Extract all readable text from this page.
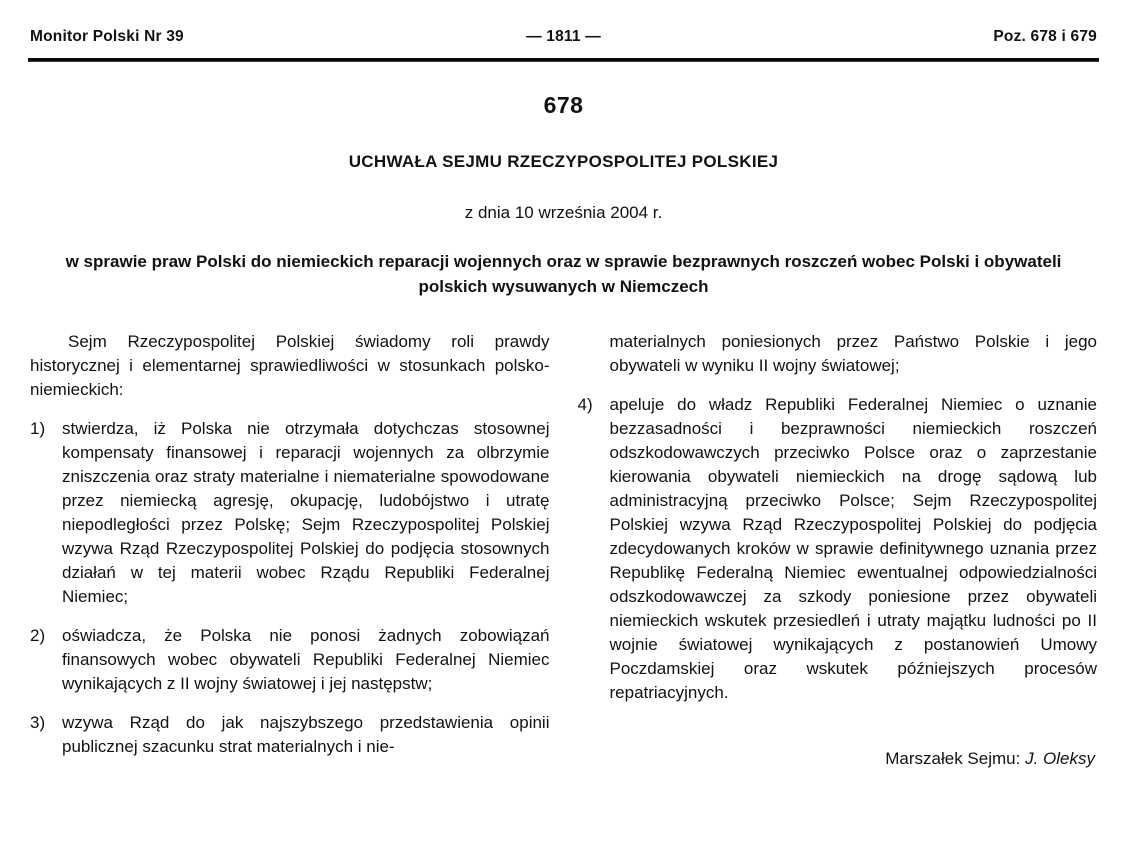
Monitor Polski Nr 39	— 1811 —	Poz. 678 i 679
678
UCHWAŁA SEJMU RZECZYPOSPOLITEJ POLSKIEJ
z dnia 10 września 2004 r.
w sprawie praw Polski do niemieckich reparacji wojennych oraz w sprawie bezprawnych roszczeń wobec Polski i obywateli polskich wysuwanych w Niemczech

Sejm Rzeczypospolitej Polskiej świadomy roli prawdy historycznej i elementarnej sprawiedliwości w stosunkach polsko-niemieckich:

1) stwierdza, iż Polska nie otrzymała dotychczas stosownej kompensaty finansowej i reparacji wojennych za olbrzymie zniszczenia oraz straty materialne i niematerialne spowodowane przez niemiecką agresję, okupację, ludobójstwo i utratę niepodległości przez Polskę; Sejm Rzeczypospolitej Polskiej wzywa Rząd Rzeczypospolitej Polskiej do podjęcia stosownych działań w tej materii wobec Rządu Republiki Federalnej Niemiec;
2) oświadcza, że Polska nie ponosi żadnych zobowiązań finansowych wobec obywateli Republiki Federalnej Niemiec wynikających z II wojny światowej i jej następstw;
3) wzywa Rząd do jak najszybszego przedstawienia opinii publicznej szacunku strat materialnych i nie-

materialnych poniesionych przez Państwo Polskie i jego obywateli w wyniku II wojny światowej;

4) apeluje do władz Republiki Federalnej Niemiec o uznanie bezzasadności i bezprawności niemieckich roszczeń odszkodowawczych przeciwko Polsce oraz o zaprzestanie kierowania obywateli niemieckich na drogę sądową lub administracyjną przeciwko Polsce; Sejm Rzeczypospolitej Polskiej wzywa Rząd Rzeczypospolitej Polskiej do podjęcia zdecydowanych kroków w sprawie definitywnego uznania przez Republikę Federalną Niemiec ewentualnej odpowiedzialności odszkodowawczej za szkody poniesione przez obywateli niemieckich wskutek przesiedleń i utraty majątku ludności po II wojnie światowej wynikających z postanowień Umowy Poczdamskiej oraz wskutek późniejszych procesów repatriacyjnych.

Marszałek Sejmu: J. Oleksy
